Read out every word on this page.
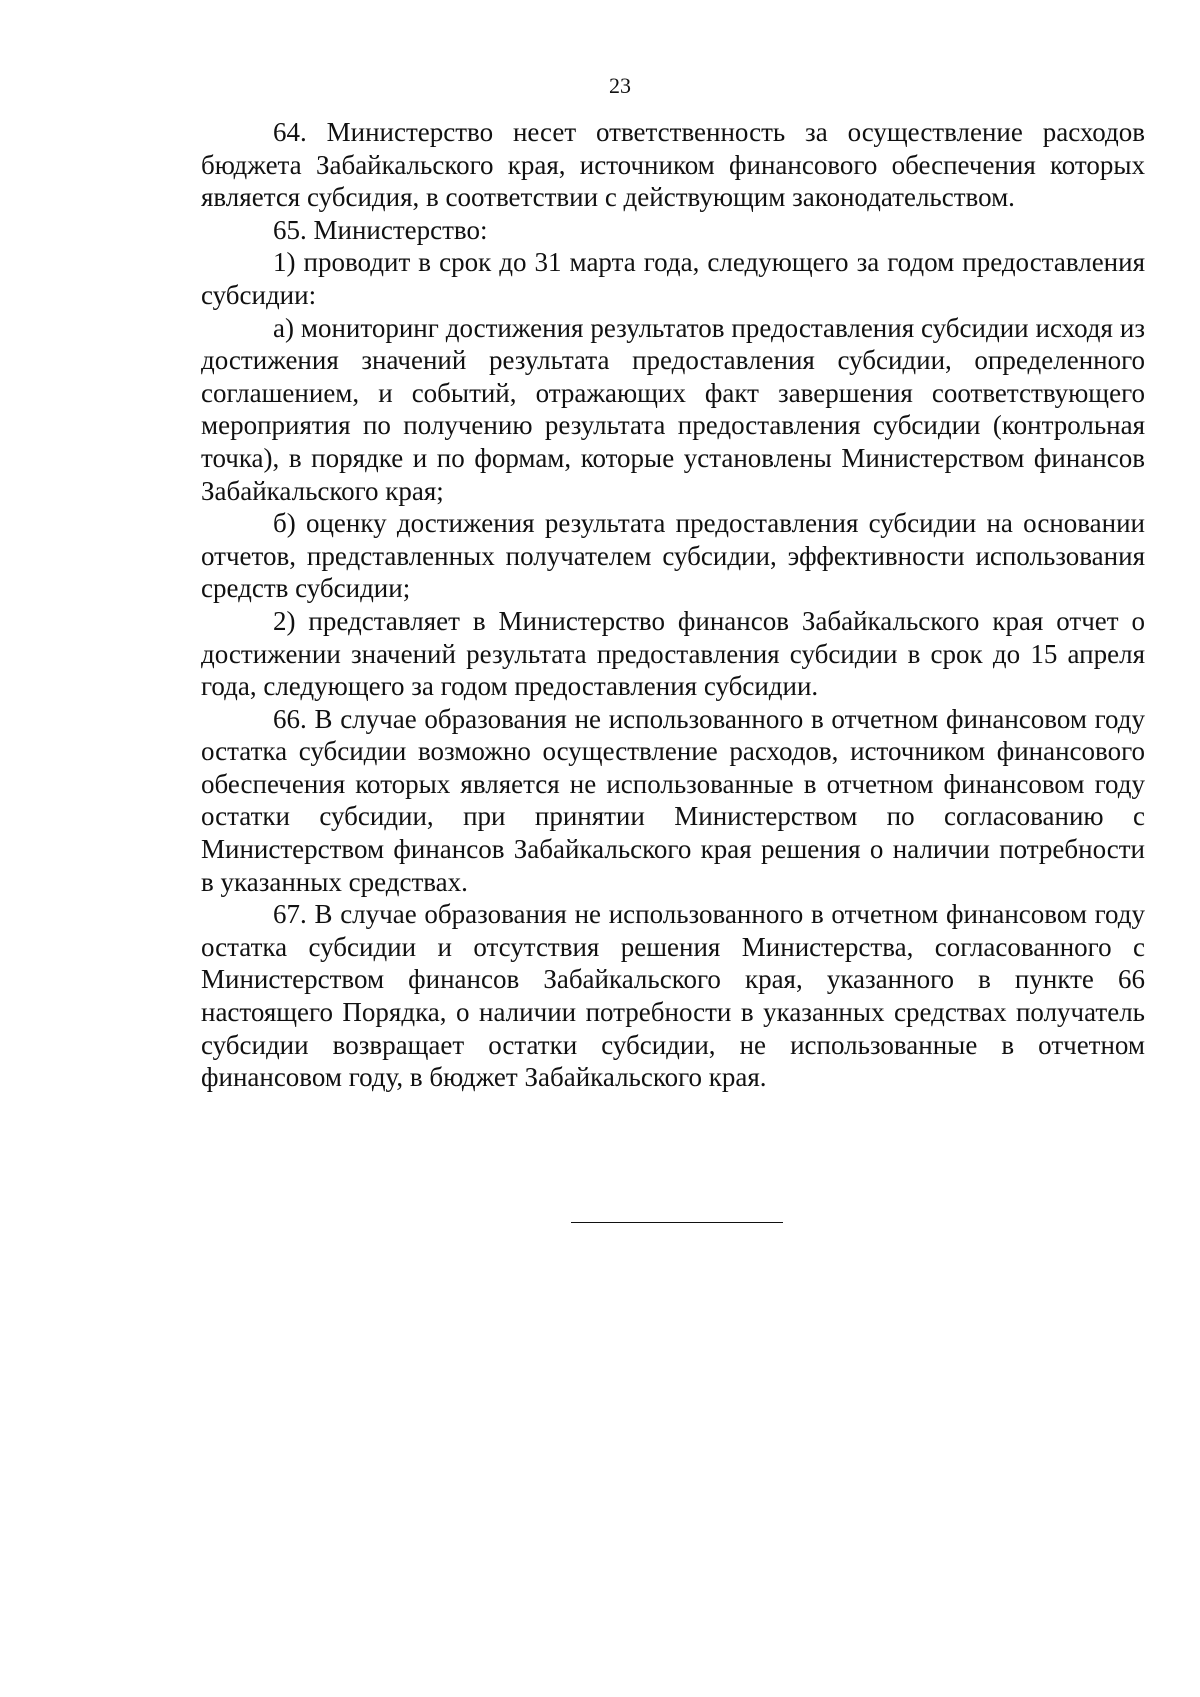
23

64. Министерство несет ответственность за осуществление расходов бюджета Забайкальского края, источником финансового обеспечения которых является субсидия, в соответствии с действующим законодательством.

65. Министерство:

1) проводит в срок до 31 марта года, следующего за годом предоставления субсидии:

а) мониторинг достижения результатов предоставления субсидии исходя из достижения значений результата предоставления субсидии, определенного соглашением, и событий, отражающих факт завершения соответствующего мероприятия по получению результата предоставления субсидии (контрольная точка), в порядке и по формам, которые установлены Министерством финансов Забайкальского края;

б) оценку достижения результата предоставления субсидии на основании отчетов, представленных получателем субсидии, эффективности использования средств субсидии;

2) представляет в Министерство финансов Забайкальского края отчет о достижении значений результата предоставления субсидии в срок до 15 апреля года, следующего за годом предоставления субсидии.

66. В случае образования не использованного в отчетном финансовом году остатка субсидии возможно осуществление расходов, источником финансового обеспечения которых является не использованные в отчетном финансовом году остатки субсидии, при принятии Министерством по согласованию с Министерством финансов Забайкальского края решения о наличии потребности в указанных средствах.

67. В случае образования не использованного в отчетном финансовом году остатка субсидии и отсутствия решения Министерства, согласованного с Министерством финансов Забайкальского края, указанного в пункте 66 настоящего Порядка, о наличии потребности в указанных средствах получатель субсидии возвращает остатки субсидии, не использованные в отчетном финансовом году, в бюджет Забайкальского края.
